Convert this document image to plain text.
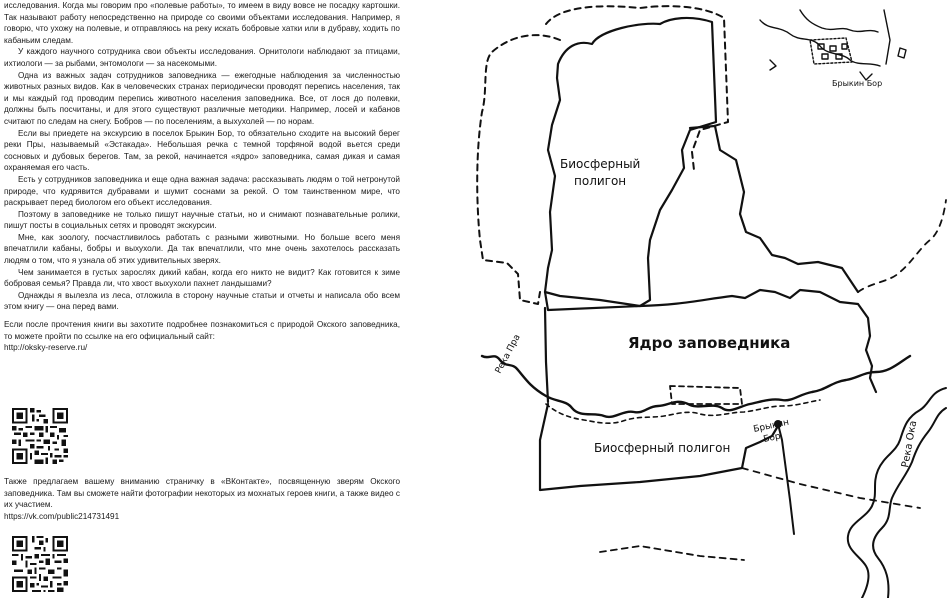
исследования. Когда мы говорим про «полевые работы», то имеем в виду вовсе не посадку картошки. Так называют работу непосредственно на природе со своими объектами исследования. Например, я говорю, что ухожу на полевые, и отправляюсь на реку искать бобровые хатки или в дубраву, ходить по кабаньим следам.

У каждого научного сотрудника свои объекты исследования. Орнитологи наблюдают за птицами, ихтиологи — за рыбами, энтомологи — за насекомыми.

Одна из важных задач сотрудников заповедника — ежегодные наблюдения за численностью животных разных видов. Как в человеческих странах периодически проводят перепись населения, так и мы каждый год проводим перепись животного населения заповедника. Все, от лося до полевки, должны быть посчитаны, и для этого существуют различные методики. Например, лосей и кабанов считают по следам на снегу. Бобров — по поселениям, а выхухолей — по норам.

Если вы приедете на экскурсию в поселок Брыкин Бор, то обязательно сходите на высокий берег реки Пры, называемый «Эстакада». Небольшая речка с темной торфяной водой вьется среди сосновых и дубовых берегов. Там, за рекой, начинается «ядро» заповедника, самая дикая и самая охраняемая его часть.

Есть у сотрудников заповедника и еще одна важная задача: рассказывать людям о той нетронутой природе, что кудрявится дубравами и шумит соснами за рекой. О том таинственном мире, что раскрывает перед биологом его объект исследования.

Поэтому в заповеднике не только пишут научные статьи, но и снимают познавательные ролики, пишут посты в социальных сетях и проводят экскурсии.

Мне, как зоологу, посчастливилось работать с разными животными. Но больше всего меня впечатлили кабаны, бобры и выхухоли. Да так впечатлили, что мне очень захотелось рассказать людям о том, что я узнала об этих удивительных зверях.

Чем занимается в густых зарослях дикий кабан, когда его никто не видит? Как готовится к зиме бобровая семья? Правда ли, что хвост выхухоли пахнет ландышами?

Однажды я вылезла из леса, отложила в сторону научные статьи и отчеты и написала обо всем этом книгу — она перед вами.

Если после прочтения книги вы захотите подробнее познакомиться с природой Окского заповедника, то можете пройти по ссылке на его официальный сайт:

http://oksky-reserve.ru/

Также предлагаем вашему вниманию страничку в «ВКонтакте», посвященную зверям Окского заповедника. Там вы сможете найти фотографии некоторых из мохнатых героев книги, а также видео с их участием.

https://vk.com/public214731491

Биосферный
полигон
Ядро заповедника
Биосферный полигон
Река Пра
Река Ока
Брыкин
Бор
Брыкин Бор
